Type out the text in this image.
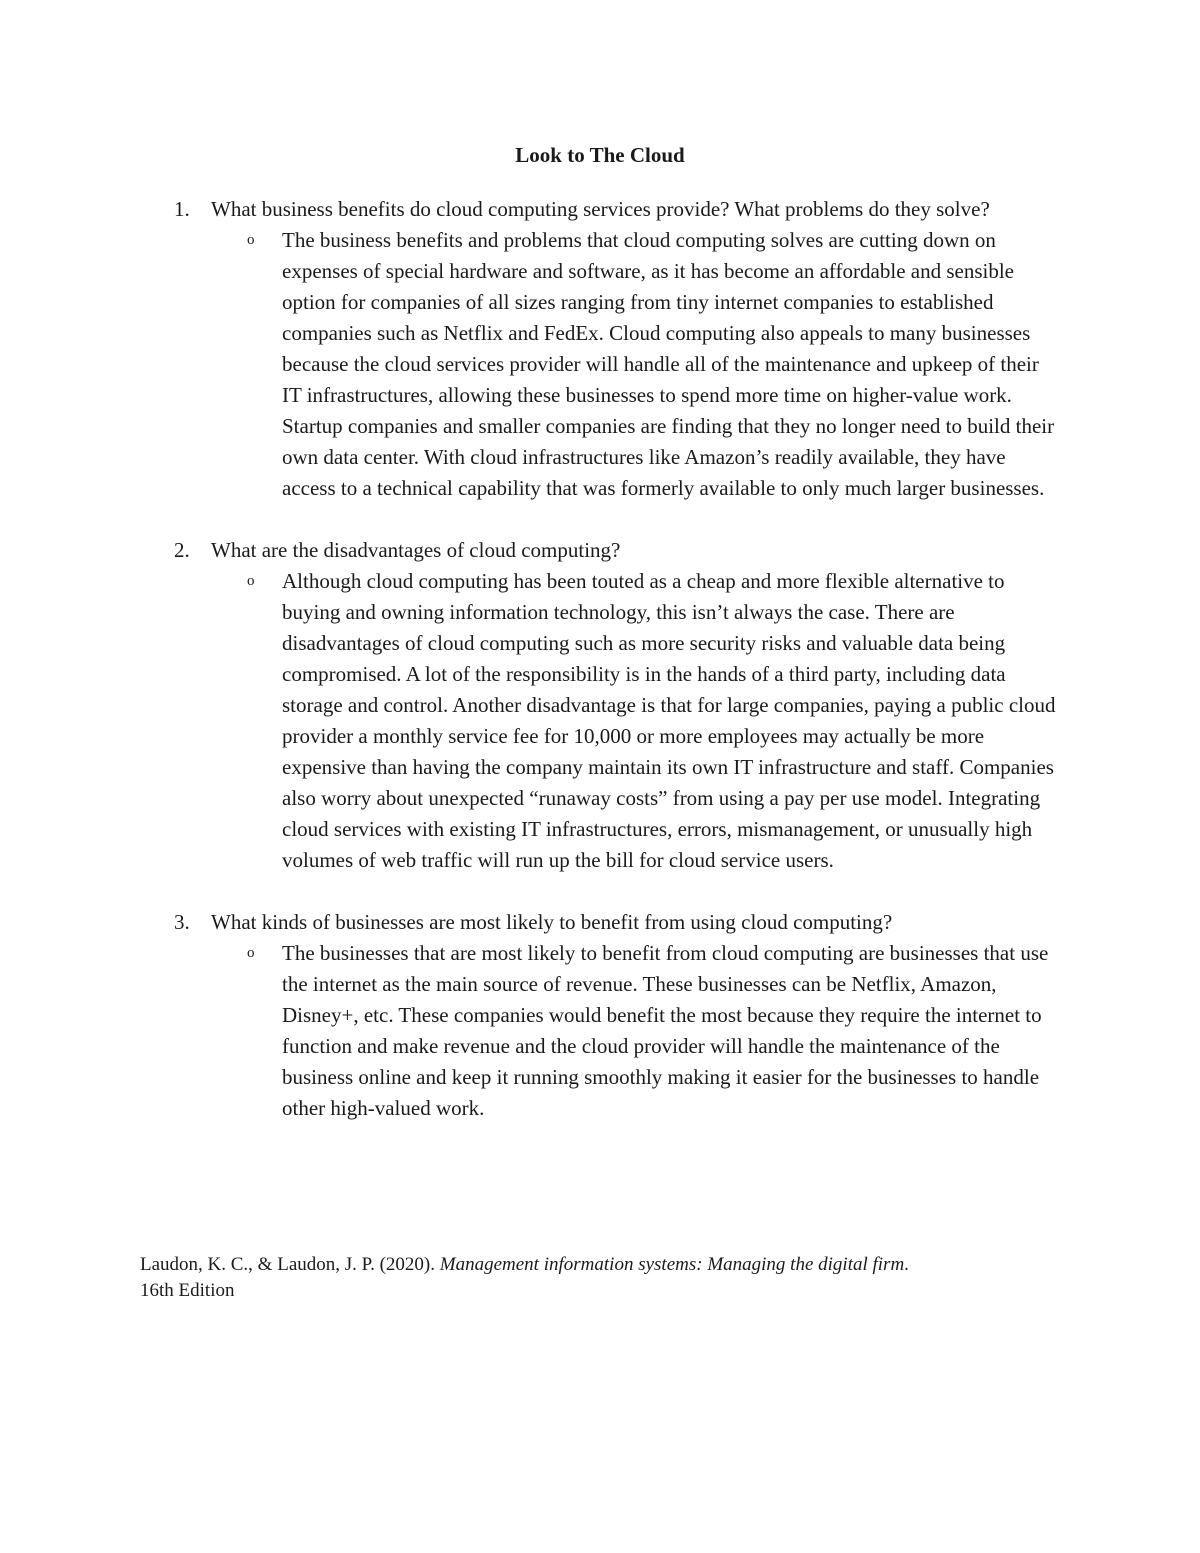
Look to The Cloud
1. What business benefits do cloud computing services provide? What problems do they solve?
o The business benefits and problems that cloud computing solves are cutting down on expenses of special hardware and software, as it has become an affordable and sensible option for companies of all sizes ranging from tiny internet companies to established companies such as Netflix and FedEx. Cloud computing also appeals to many businesses because the cloud services provider will handle all of the maintenance and upkeep of their IT infrastructures, allowing these businesses to spend more time on higher-value work. Startup companies and smaller companies are finding that they no longer need to build their own data center. With cloud infrastructures like Amazon’s readily available, they have access to a technical capability that was formerly available to only much larger businesses.
2. What are the disadvantages of cloud computing?
o Although cloud computing has been touted as a cheap and more flexible alternative to buying and owning information technology, this isn’t always the case. There are disadvantages of cloud computing such as more security risks and valuable data being compromised. A lot of the responsibility is in the hands of a third party, including data storage and control. Another disadvantage is that for large companies, paying a public cloud provider a monthly service fee for 10,000 or more employees may actually be more expensive than having the company maintain its own IT infrastructure and staff. Companies also worry about unexpected “runaway costs” from using a pay per use model. Integrating cloud services with existing IT infrastructures, errors, mismanagement, or unusually high volumes of web traffic will run up the bill for cloud service users.
3. What kinds of businesses are most likely to benefit from using cloud computing?
o The businesses that are most likely to benefit from cloud computing are businesses that use the internet as the main source of revenue. These businesses can be Netflix, Amazon, Disney+, etc. These companies would benefit the most because they require the internet to function and make revenue and the cloud provider will handle the maintenance of the business online and keep it running smoothly making it easier for the businesses to handle other high-valued work.

Laudon, K. C., & Laudon, J. P. (2020). Management information systems: Managing the digital firm.
16th Edition
